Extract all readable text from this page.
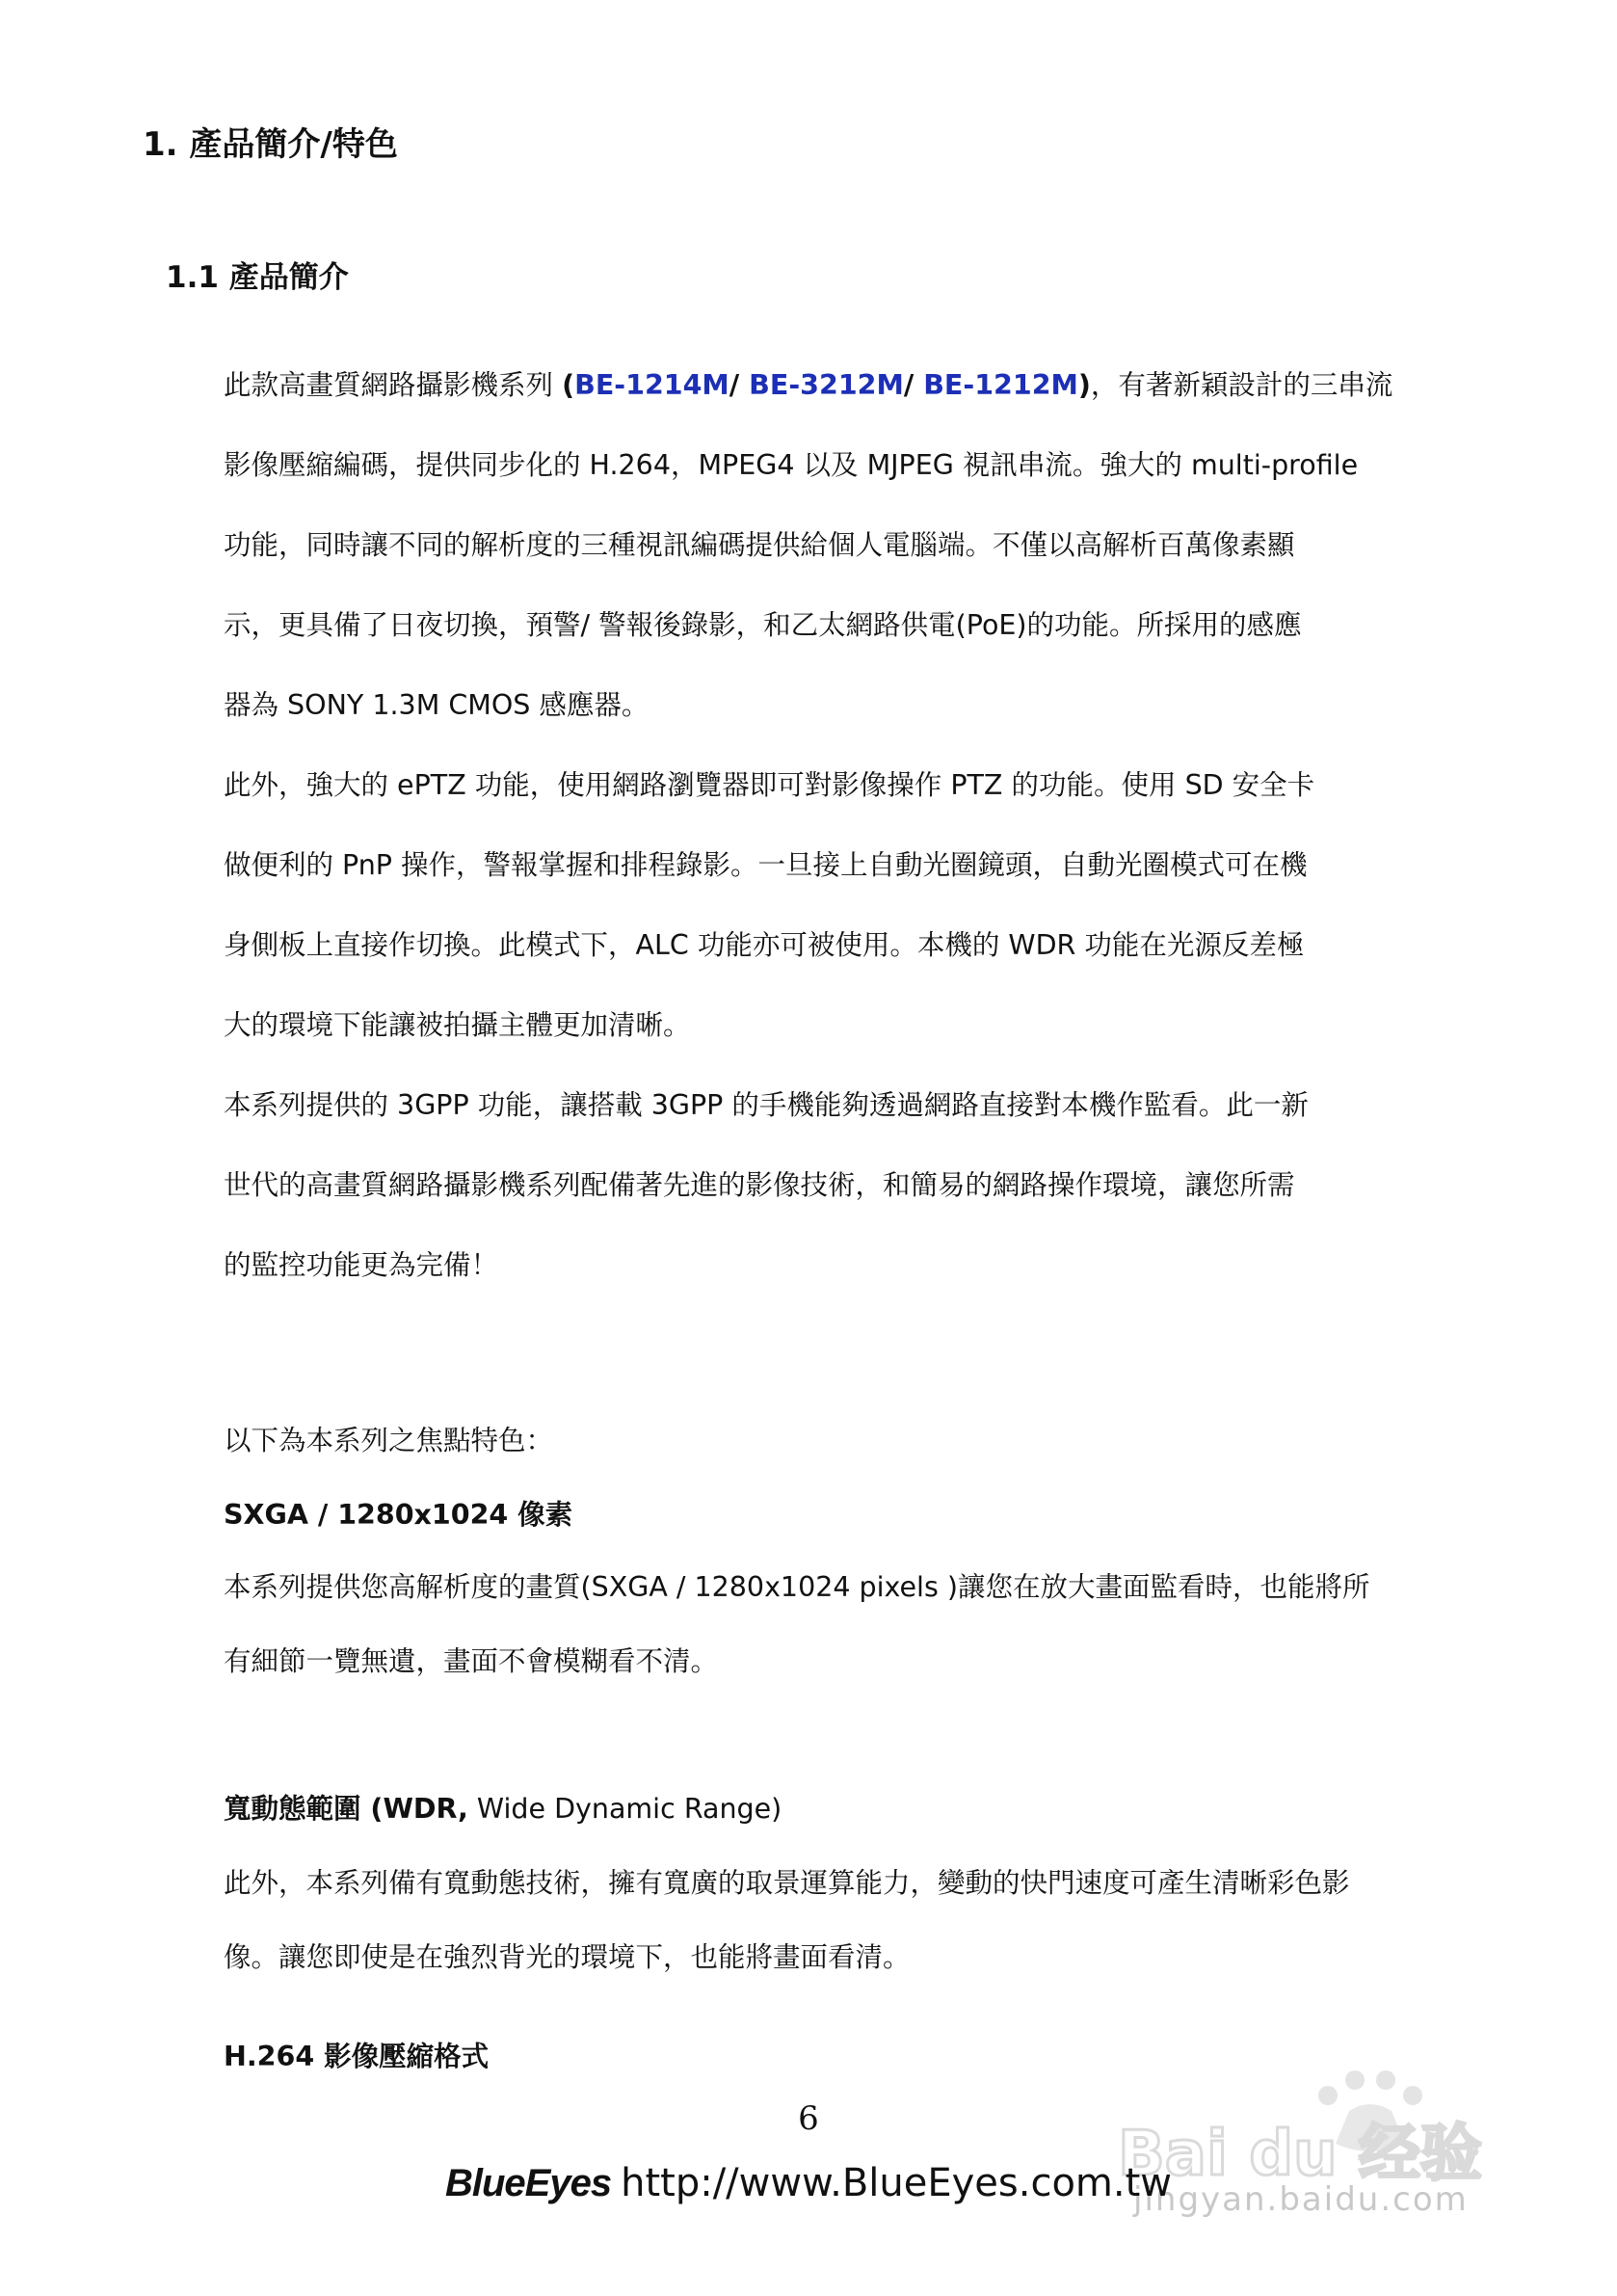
1. 產品簡介/特色
1.1 產品簡介
此款高畫質網路攝影機系列 (BE-1214M/ BE-3212M/ BE-1212M)，有著新穎設計的三串流
影像壓縮編碼，提供同步化的 H.264，MPEG4 以及 MJPEG 視訊串流。強大的 multi-profile
功能，同時讓不同的解析度的三種視訊編碼提供給個人電腦端。不僅以高解析百萬像素顯
示，更具備了日夜切換，預警/ 警報後錄影，和乙太網路供電(PoE)的功能。所採用的感應
器為 SONY 1.3M CMOS 感應器。
此外，強大的 ePTZ 功能，使用網路瀏覽器即可對影像操作 PTZ 的功能。使用 SD 安全卡
做便利的 PnP 操作，警報掌握和排程錄影。一旦接上自動光圈鏡頭，自動光圈模式可在機
身側板上直接作切換。此模式下，ALC 功能亦可被使用。本機的 WDR 功能在光源反差極
大的環境下能讓被拍攝主體更加清晰。
本系列提供的 3GPP 功能，讓搭載 3GPP 的手機能夠透過網路直接對本機作監看。此一新
世代的高畫質網路攝影機系列配備著先進的影像技術，和簡易的網路操作環境，讓您所需
的監控功能更為完備！
以下為本系列之焦點特色：
SXGA / 1280x1024 像素
本系列提供您高解析度的畫質(SXGA / 1280x1024 pixels )讓您在放大畫面監看時，也能將所
有細節一覽無遺，畫面不會模糊看不清。
寬動態範圍 (WDR, Wide Dynamic Range)
此外，本系列備有寬動態技術，擁有寬廣的取景運算能力，變動的快門速度可產生清晰彩色影
像。讓您即使是在強烈背光的環境下，也能將畫面看清。
H.264 影像壓縮格式
Bai du 经验
jingyan.baidu.com
6
BlueEyes http://www.BlueEyes.com.tw
